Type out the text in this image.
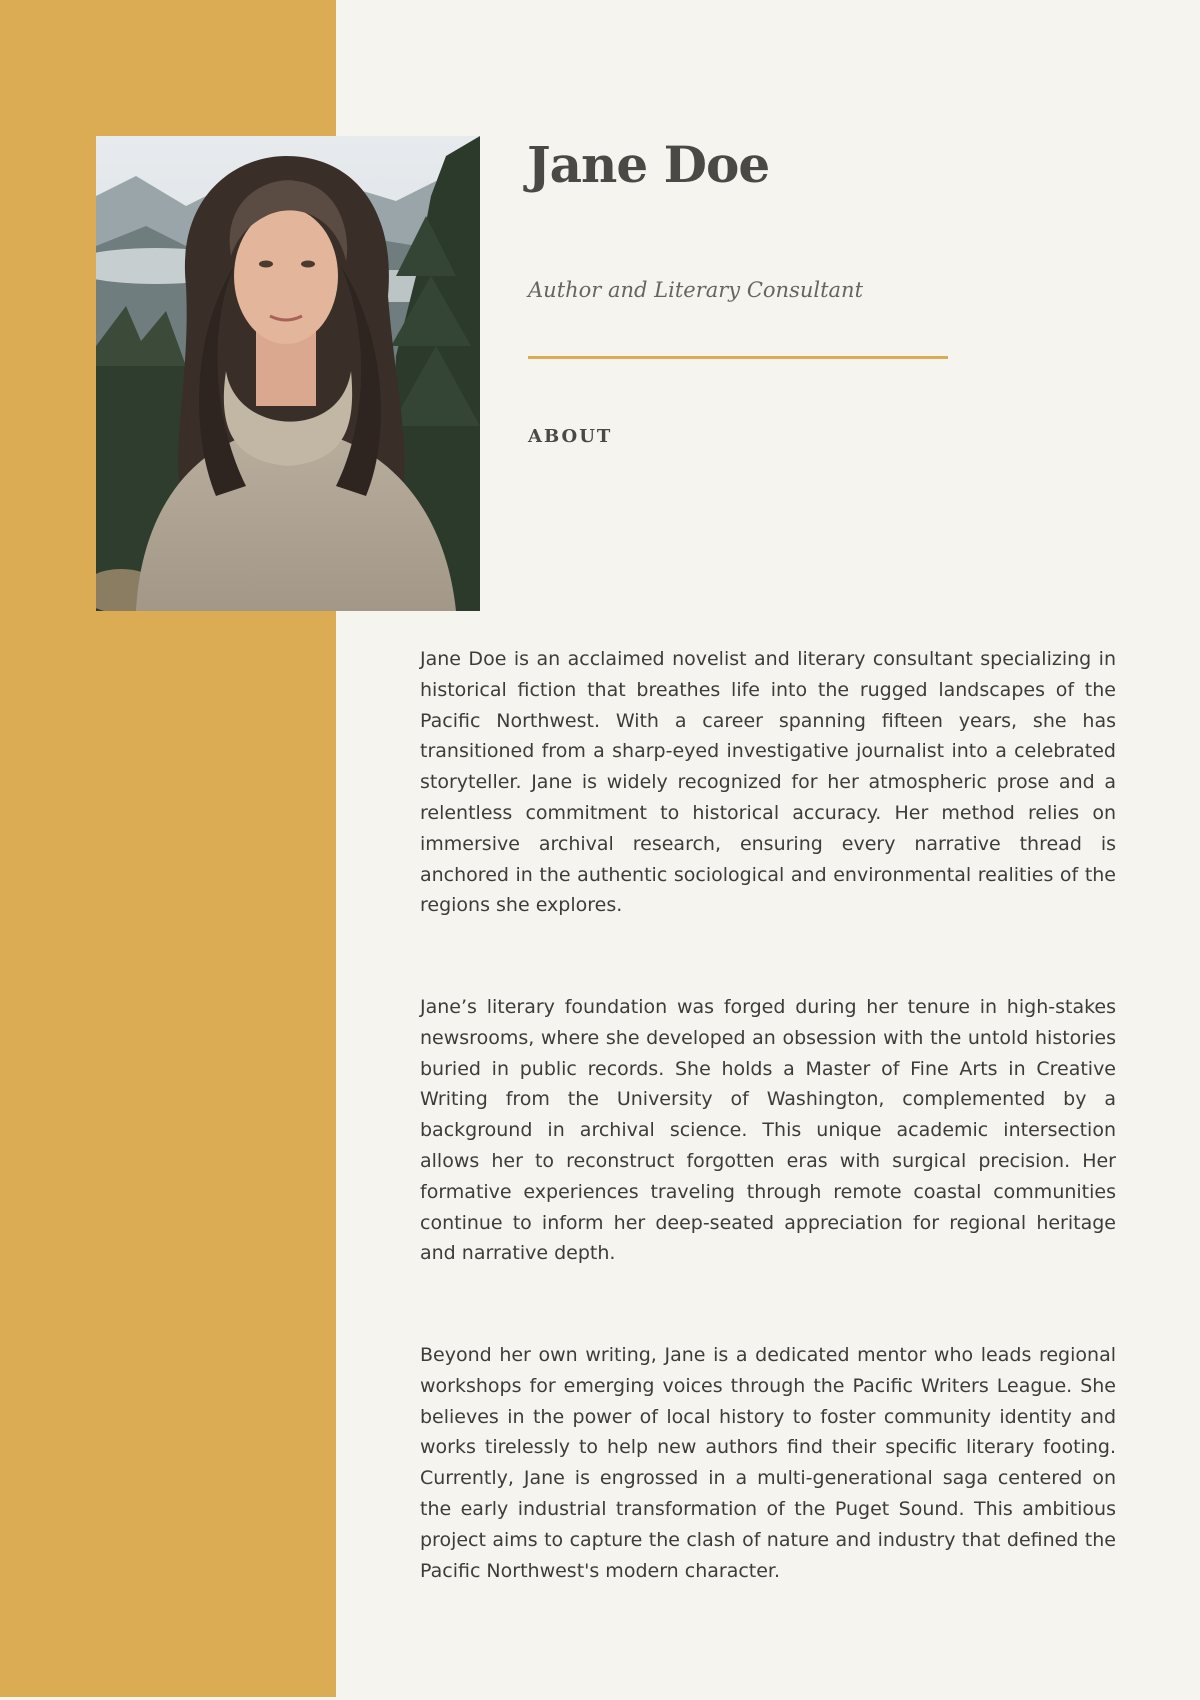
Jane Doe

Author and Literary Consultant

ABOUT

Jane Doe is an acclaimed novelist and literary consultant specializing in historical fiction that breathes life into the rugged landscapes of the Pacific Northwest. With a career spanning fifteen years, she has transitioned from a sharp-eyed investigative journalist into a celebrated storyteller. Jane is widely recognized for her atmospheric prose and a relentless commitment to historical accuracy. Her method relies on immersive archival research, ensuring every narrative thread is anchored in the authentic sociological and environmental realities of the regions she explores.

Jane’s literary foundation was forged during her tenure in high-stakes newsrooms, where she developed an obsession with the untold histories buried in public records. She holds a Master of Fine Arts in Creative Writing from the University of Washington, complemented by a background in archival science. This unique academic intersection allows her to reconstruct forgotten eras with surgical precision. Her formative experiences traveling through remote coastal communities continue to inform her deep-seated appreciation for regional heritage and narrative depth.

Beyond her own writing, Jane is a dedicated mentor who leads regional workshops for emerging voices through the Pacific Writers League. She believes in the power of local history to foster community identity and works tirelessly to help new authors find their specific literary footing. Currently, Jane is engrossed in a multi-generational saga centered on the early industrial transformation of the Puget Sound. This ambitious project aims to capture the clash of nature and industry that defined the Pacific Northwest's modern character.
